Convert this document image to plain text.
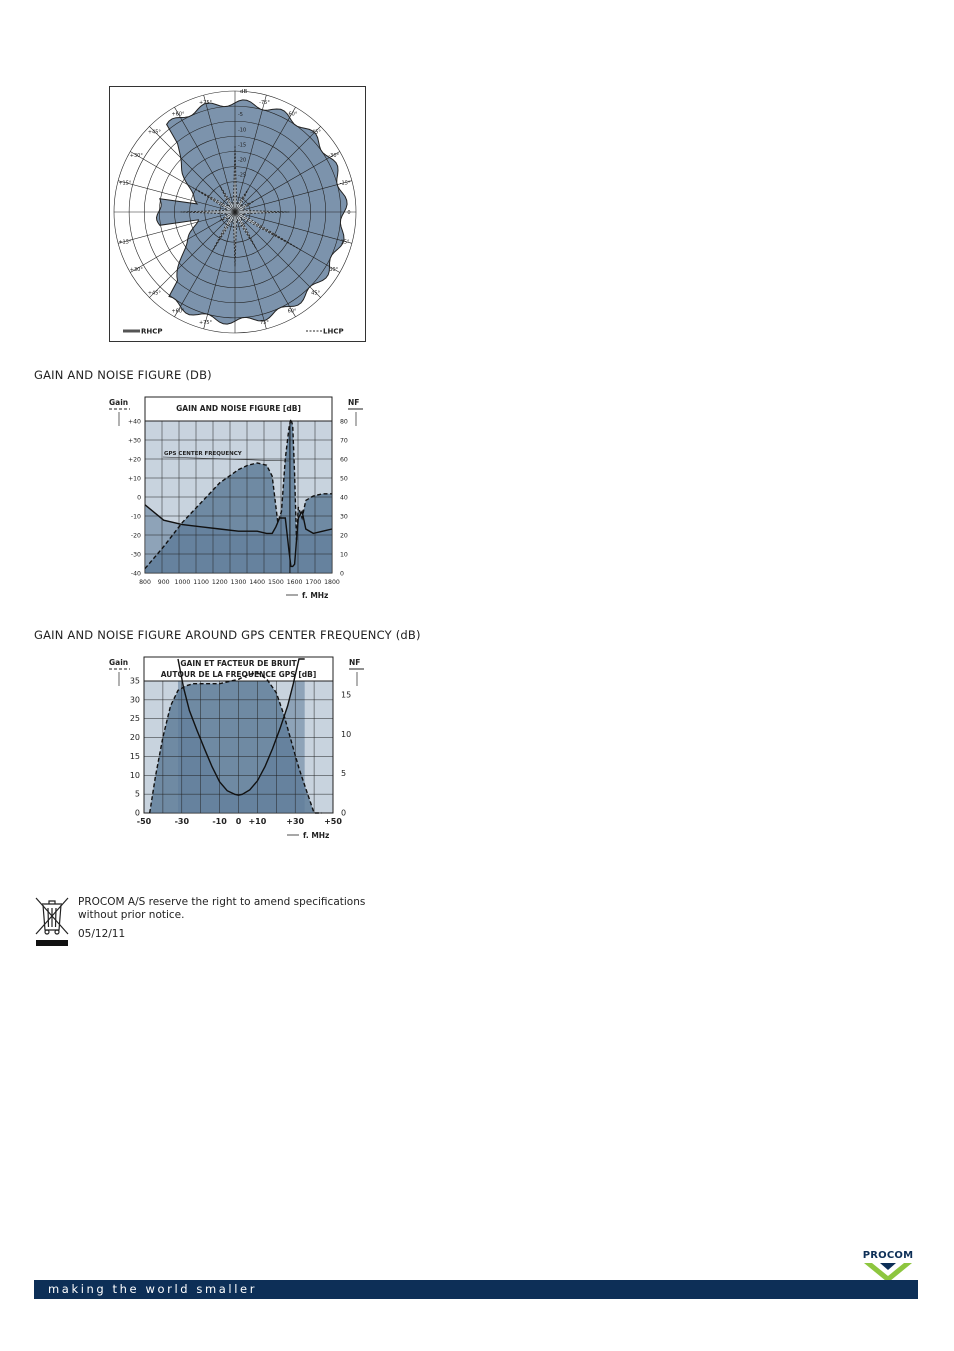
-5
-10
-15
-20
-25
0
15°
30°
45°
60°
75°
-15°
-30°
-45°
-60°
-75°
+15°
+30°
+45°
+60°
+75°
+15°
+30°
+45°
+60°
+75°
dB
RHCP	LHCP
GAIN AND NOISE FIGURE (DB)
GAIN AND NOISE FIGURE [dB]
+40
+30
+20
+10
0
-10
-20
-30
-40
80
70
60
50
40
30
20
10
0
800 900 1000 1100 1200 1300 1400 1500 1600 1700 1800
Gain	NF
f. MHz
GPS CENTER FREQUENCY
GAIN AND NOISE FIGURE AROUND GPS CENTER FREQUENCY (dB)
GAIN ET FACTEUR DE BRUIT
AUTOUR DE LA FREQUENCE GPS [dB]
35
30
25
20
15
10
5
0
15
10
5
0
-50	-30	-10 0 +10 +30 +50
Gain	NF
f. MHz
PROCOM A/S reserve the right to amend specifications
without prior notice.
05/12/11
PROCOM
making the world smaller
